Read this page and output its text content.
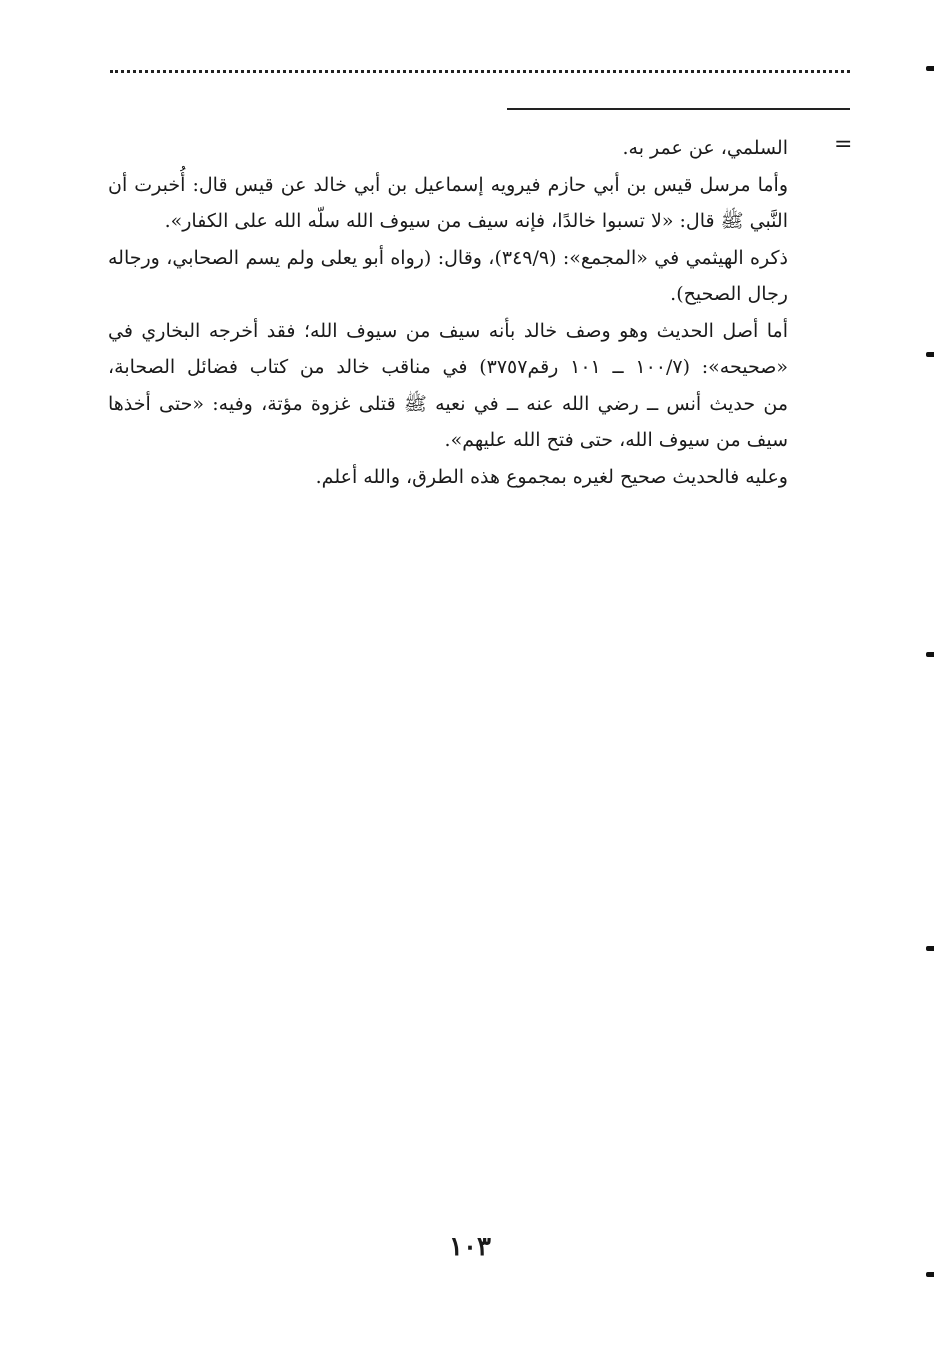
=
السلمي، عن عمر به.
وأما مرسل قيس بن أبي حازم فيرويه إسماعيل بن أبي خالد عن قيس قال: أُخبرت أن
النَّبي ﷺ قال: «لا تسبوا خالدًا، فإنه سيف من سيوف الله سلّه الله على الكفار».
ذكره الهيثمي في «المجمع»: (٣٤٩/٩)، وقال: (رواه أبو يعلى ولم يسم الصحابي، ورجاله
رجال الصحيح).
أما أصل الحديث وهو وصف خالد بأنه سيف من سيوف الله؛ فقد أخرجه البخاري في
«صحيحه»: (١٠٠/٧ ــ ١٠١ رقم٣٧٥٧) في مناقب خالد من كتاب فضائل الصحابة،
من حديث أنس ــ رضي الله عنه ــ في نعيه ﷺ قتلى غزوة مؤتة، وفيه: «حتى أخذها
سيف من سيوف الله، حتى فتح الله عليهم».
وعليه فالحديث صحيح لغيره بمجموع هذه الطرق، والله أعلم.
١٠٣
